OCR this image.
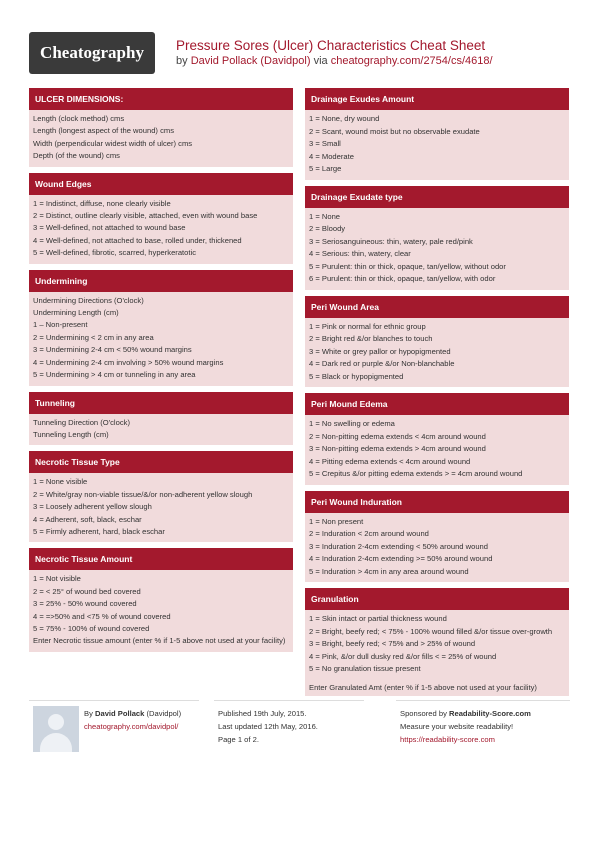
Cheatography	Pressure Sores (Ulcer) Characteristics Cheat Sheet
by David Pollack (Davidpol) via cheatography.com/2754/cs/4618/
ULCER DIMENSIONS:
Length (clock method) cms
Length (longest aspect of the wound) cms
Width (perpendicular widest width of ulcer) cms
Depth (of the wound) cms
Wound Edges
1 = Indistinct, diffuse, none clearly visible
2 = Distinct, outline clearly visible, attached, even with wound base
3 = Well-defined, not attached to wound base
4 = Well-defined, not attached to base, rolled under, thickened
5 = Well-defined, fibrotic, scarred, hyperkeratotic
Undermining
Undermining Directions (O'clock)
Undermining Length (cm)
1 – Non-present
2 = Undermining < 2 cm in any area
3 = Undermining 2-4 cm < 50% wound margins
4 = Undermining 2-4 cm involving > 50% wound margins
5 = Undermining > 4 cm or tunneling in any area
Tunneling
Tunneling Direction (O'clock)
Tunneling Length (cm)
Necrotic Tissue Type
1 = None visible
2 = White/gray non-viable tissue/&/or non-adherent yellow slough
3 = Loosely adherent yellow slough
4 = Adherent, soft, black, eschar
5 = Firmly adherent, hard, black eschar
Necrotic Tissue Amount
1 = Not visible
2 = < 25° of wound bed covered
3 = 25% - 50% wound covered
4 = =>50% and <75 % of wound covered
5 = 75% - 100% of wound covered
Enter Necrotic tissue amount (enter % if 1-5 above not used at your facility)
Drainage Exudes Amount
1 = None, dry wound
2 = Scant, wound moist but no observable exudate
3 = Small
4 = Moderate
5 = Large
Drainage Exudate type
1 = None
2 = Bloody
3 = Seriosanguineous: thin, watery, pale red/pink
4 = Serious: thin, watery, clear
5 = Purulent: thin or thick, opaque, tan/yellow, without odor
6 = Purulent: thin or thick, opaque, tan/yellow, with odor
Peri Wound Area
1 = Pink or normal for ethnic group
2 = Bright red &/or blanches to touch
3 = White or grey pallor or hypopigmented
4 = Dark red or purple &/or Non-blanchable
5 = Black or hypopigmented
Peri Mound Edema
1 = No swelling or edema
2 = Non-pitting edema extends < 4cm around wound
3 = Non-pitting edema extends > 4cm around wound
4 = Pitting edema extends < 4cm around wound
5 = Crepitus &/or pitting edema extends > = 4cm around wound
Peri Wound Induration
1 = Non present
2 = Induration < 2cm around wound
3 = Induration 2-4cm extending < 50% around wound
4 = Induration 2-4cm extending >= 50% around wound
5 = Induration > 4cm in any area around wound
Granulation
1 = Skin intact or partial thickness wound
2 = Bright, beefy red; < 75% - 100% wound filled &/or tissue over-growth
3 = Bright, beefy red; < 75% and > 25% of wound
4 = Pink, &/or dull dusky red &/or fills < = 25% of wound
5 = No granulation tissue present
Enter Granulated Amt (enter % if 1-5 above not used at your facility)
By David Pollack (Davidpol)
cheatography.com/davidpol/
Published 19th July, 2015.
Last updated 12th May, 2016.
Page 1 of 2.
Sponsored by Readability-Score.com
Measure your website readability!
https://readability-score.com
